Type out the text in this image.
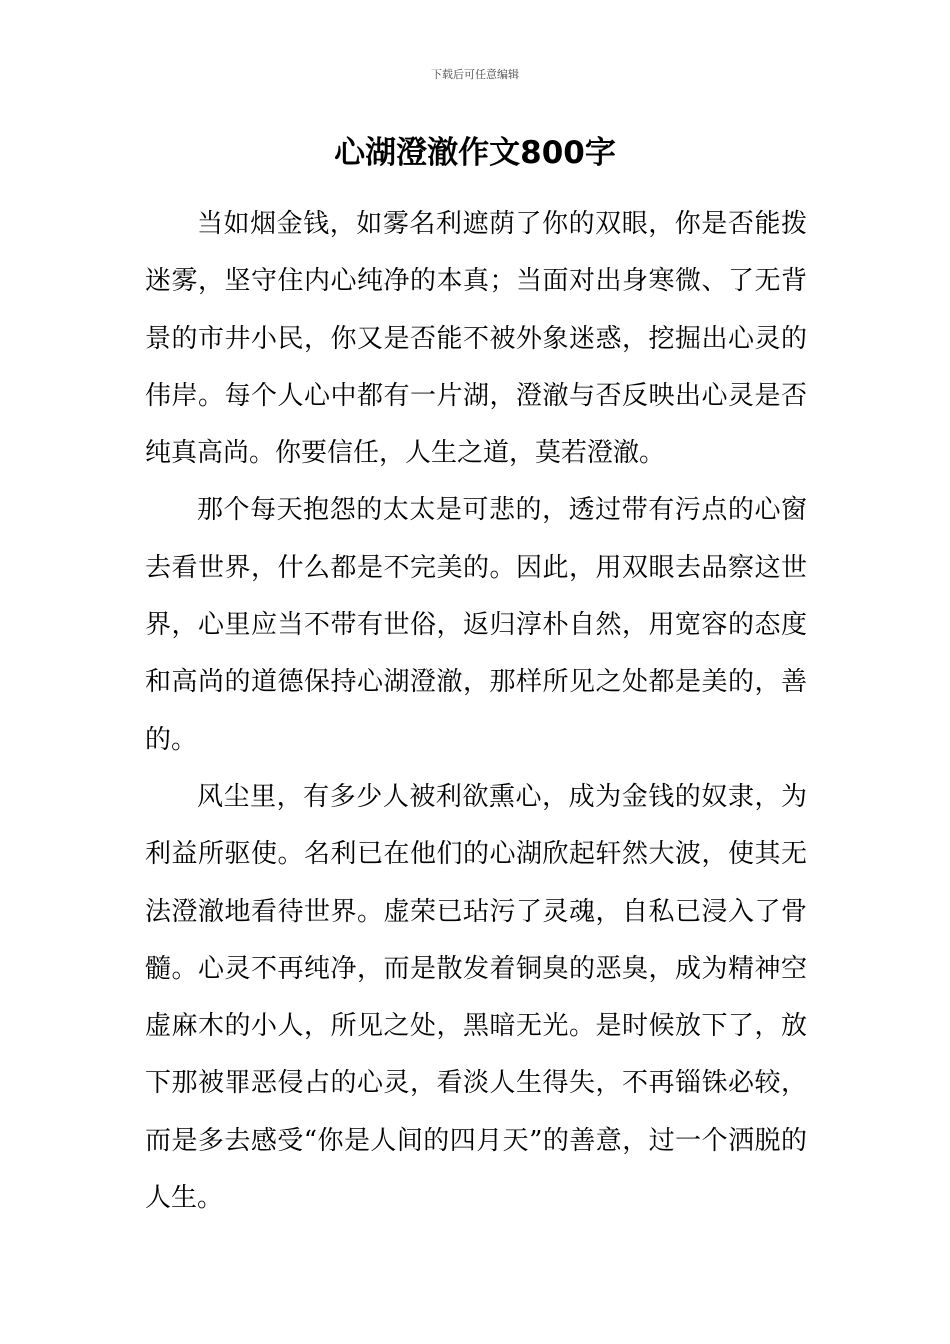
下载后可任意编辑
心湖澄澈作文800字

当如烟金钱，如雾名利遮荫了你的双眼，你是否能拨迷雾，坚守住内心纯净的本真；当面对出身寒微、了无背景的市井小民，你又是否能不被外象迷惑，挖掘出心灵的伟岸。每个人心中都有一片湖，澄澈与否反映出心灵是否纯真高尚。你要信任，人生之道，莫若澄澈。

那个每天抱怨的太太是可悲的，透过带有污点的心窗去看世界，什么都是不完美的。因此，用双眼去品察这世界，心里应当不带有世俗，返归淳朴自然，用宽容的态度和高尚的道德保持心湖澄澈，那样所见之处都是美的，善的。

风尘里，有多少人被利欲熏心，成为金钱的奴隶，为利益所驱使。名利已在他们的心湖欣起轩然大波，使其无法澄澈地看待世界。虚荣已玷污了灵魂，自私已浸入了骨髓。心灵不再纯净，而是散发着铜臭的恶臭，成为精神空虚麻木的小人，所见之处，黑暗无光。是时候放下了，放下那被罪恶侵占的心灵，看淡人生得失，不再锱铢必较，而是多去感受“你是人间的四月天”的善意，过一个洒脱的人生。
